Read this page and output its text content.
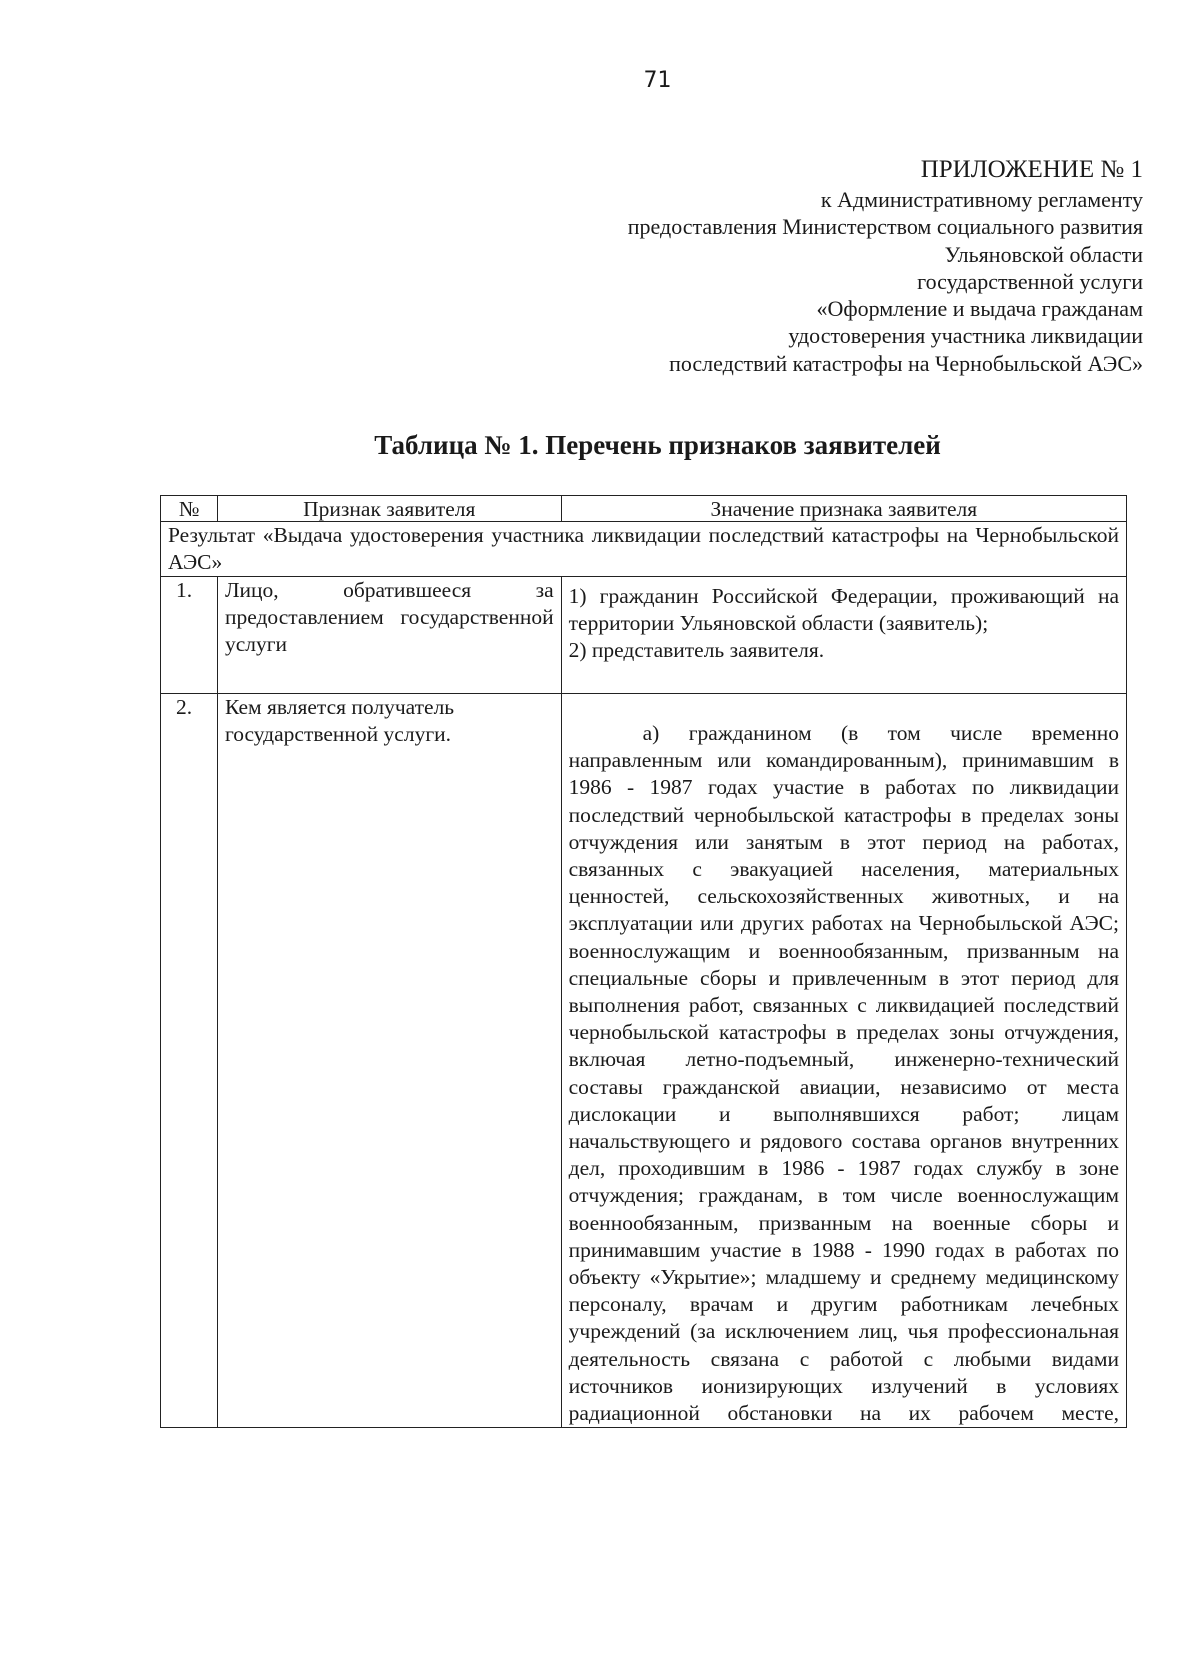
71
ПРИЛОЖЕНИЕ № 1
к Административному регламенту
предоставления Министерством социального развития
Ульяновской области
государственной услуги
«Оформление и выдача гражданам
удостоверения участника ликвидации
последствий катастрофы на Чернобыльской АЭС»
Таблица № 1. Перечень признаков заявителей
№	Признак заявителя	Значение признака заявителя
Результат «Выдача удостоверения участника ликвидации последствий катастрофы на Чернобыльской АЭС»		
1.	Лицо, обратившееся за предоставлением государственной услуги	1) гражданин Российской Федерации, проживающий на территории Ульяновской области (заявитель);

2) представитель заявителя.

2.	Кем является получатель государственной услуги.	а) гражданином (в том числе временно направленным или командированным), принимавшим в 1986 - 1987 годах участие в работах по ликвидации последствий чернобыльской катастрофы в пределах зоны отчуждения или занятым в этот период на работах, связанных с эвакуацией населения, материальных ценностей, сельскохозяйственных животных, и на эксплуатации или других работах на Чернобыльской АЭС; военнослужащим и военнообязанным, призванным на специальные сборы и привлеченным в этот период для выполнения работ, связанных с ликвидацией последствий чернобыльской катастрофы в пределах зоны отчуждения, включая летно-подъемный, инженерно-технический составы гражданской авиации, независимо от места дислокации и выполнявшихся работ; лицам начальствующего и рядового состава органов внутренних дел, проходившим в 1986 - 1987 годах службу в зоне отчуждения; гражданам, в том числе военнослужащим военнообязанным, призванным на военные сборы и принимавшим участие в 1988 - 1990 годах в работах по объекту «Укрытие»; младшему и среднему медицинскому персоналу, врачам и другим работникам лечебных учреждений (за исключением лиц, чья профессиональная деятельность связана с работой с любыми видами источников ионизирующих излучений в условиях радиационной обстановки на их рабочем месте,
